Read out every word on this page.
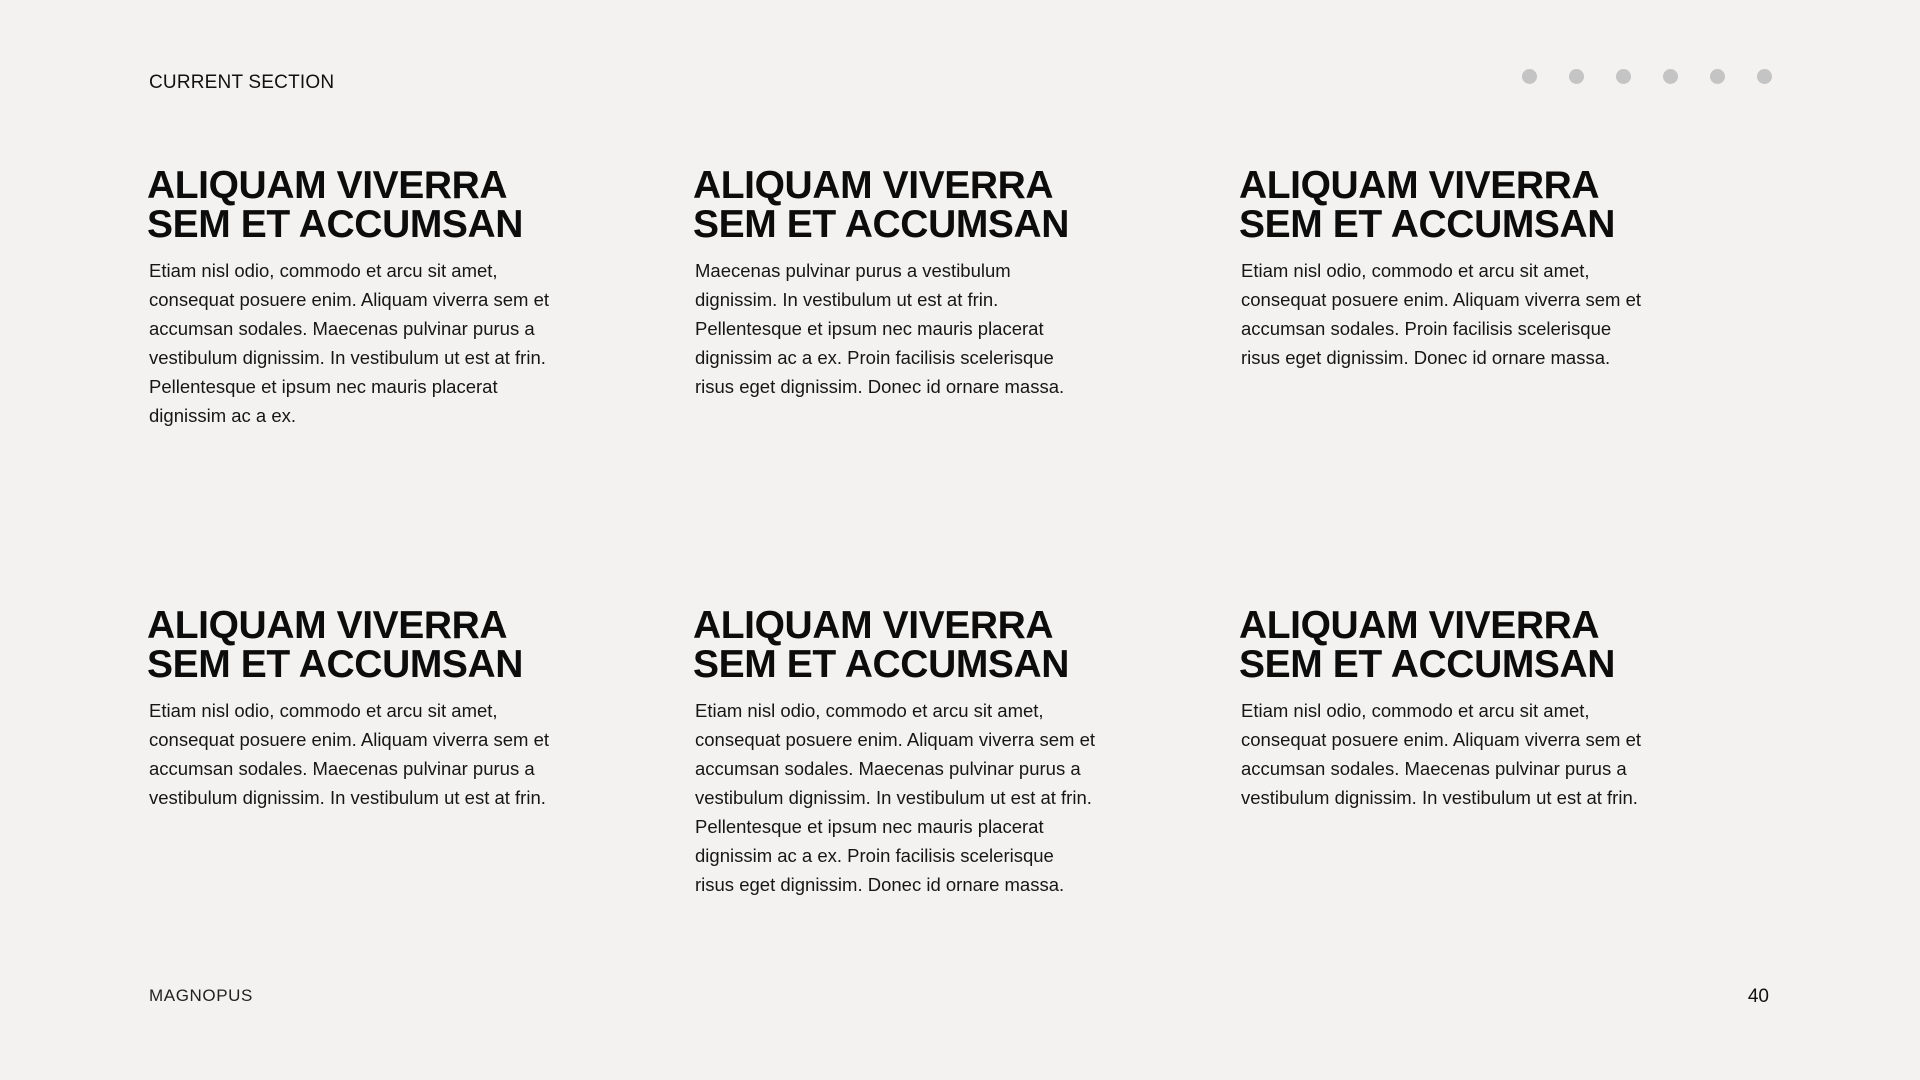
CURRENT SECTION
ALIQUAM VIVERRA
SEM ET ACCUMSAN

Etiam nisl odio, commodo et arcu sit amet, consequat posuere enim. Aliquam viverra sem et accumsan sodales. Maecenas pulvinar purus a vestibulum dignissim. In vestibulum ut est at frin. Pellentesque et ipsum nec mauris placerat dignissim ac a ex.

ALIQUAM VIVERRA
SEM ET ACCUMSAN

Maecenas pulvinar purus a vestibulum dignissim. In vestibulum ut est at frin. Pellentesque et ipsum nec mauris placerat dignissim ac a ex. Proin facilisis scelerisque risus eget dignissim. Donec id ornare massa.

ALIQUAM VIVERRA
SEM ET ACCUMSAN

Etiam nisl odio, commodo et arcu sit amet, consequat posuere enim. Aliquam viverra sem et accumsan sodales. Proin facilisis scelerisque risus eget dignissim. Donec id ornare massa.

ALIQUAM VIVERRA
SEM ET ACCUMSAN

Etiam nisl odio, commodo et arcu sit amet, consequat posuere enim. Aliquam viverra sem et accumsan sodales. Maecenas pulvinar purus a vestibulum dignissim. In vestibulum ut est at frin.

ALIQUAM VIVERRA
SEM ET ACCUMSAN

Etiam nisl odio, commodo et arcu sit amet, consequat posuere enim. Aliquam viverra sem et accumsan sodales. Maecenas pulvinar purus a vestibulum dignissim. In vestibulum ut est at frin. Pellentesque et ipsum nec mauris placerat dignissim ac a ex. Proin facilisis scelerisque risus eget dignissim. Donec id ornare massa.

ALIQUAM VIVERRA
SEM ET ACCUMSAN

Etiam nisl odio, commodo et arcu sit amet, consequat posuere enim. Aliquam viverra sem et accumsan sodales. Maecenas pulvinar purus a vestibulum dignissim. In vestibulum ut est at frin.

MAGNOPUS	40
